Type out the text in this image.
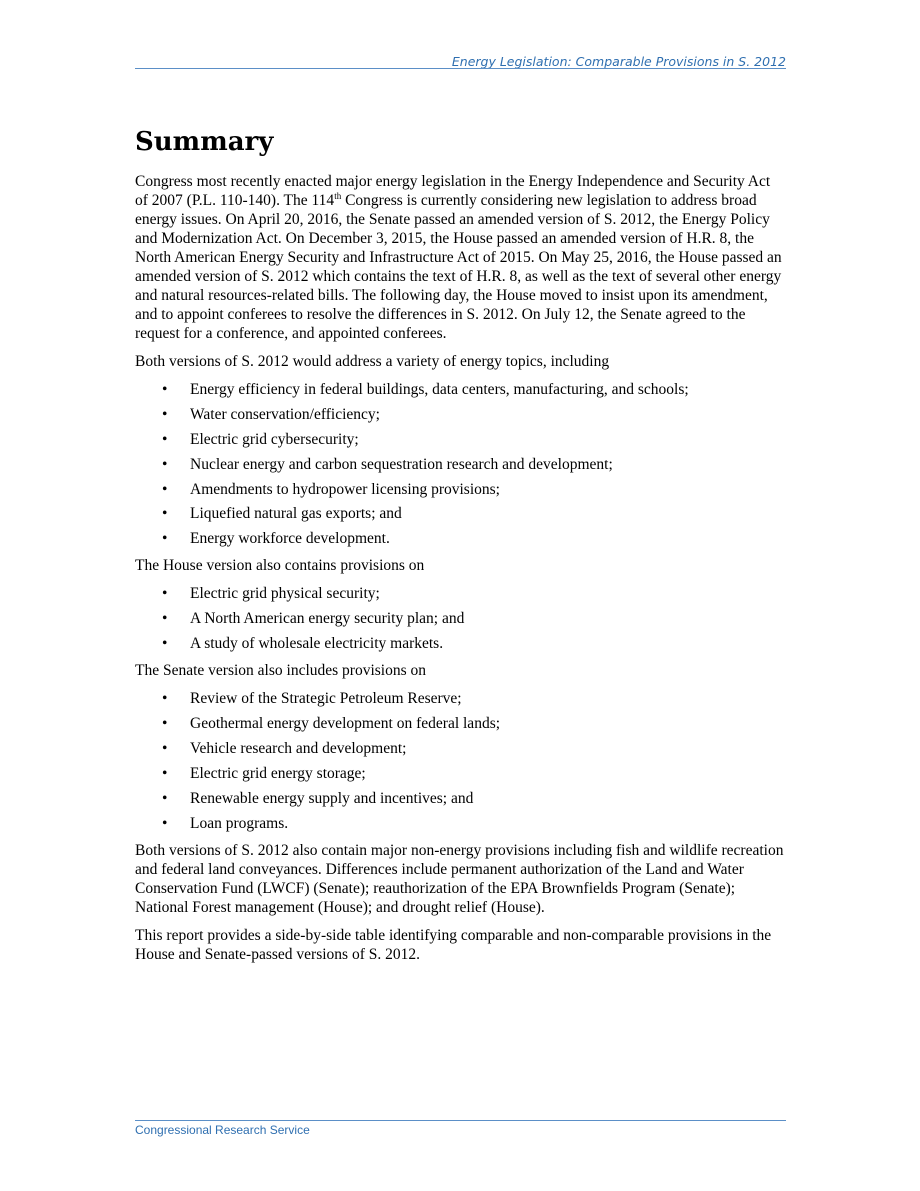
Energy Legislation: Comparable Provisions in S. 2012
Summary

Congress most recently enacted major energy legislation in the Energy Independence and Security Act of 2007 (P.L. 110-140). The 114th Congress is currently considering new legislation to address broad energy issues. On April 20, 2016, the Senate passed an amended version of S. 2012, the Energy Policy and Modernization Act. On December 3, 2015, the House passed an amended version of H.R. 8, the North American Energy Security and Infrastructure Act of 2015. On May 25, 2016, the House passed an amended version of S. 2012 which contains the text of H.R. 8, as well as the text of several other energy and natural resources-related bills. The following day, the House moved to insist upon its amendment, and to appoint conferees to resolve the differences in S. 2012. On July 12, the Senate agreed to the request for a conference, and appointed conferees.

Both versions of S. 2012 would address a variety of energy topics, including

• Energy efficiency in federal buildings, data centers, manufacturing, and schools;
• Water conservation/efficiency;
• Electric grid cybersecurity;
• Nuclear energy and carbon sequestration research and development;
• Amendments to hydropower licensing provisions;
• Liquefied natural gas exports; and
• Energy workforce development.

The House version also contains provisions on

• Electric grid physical security;
• A North American energy security plan; and
• A study of wholesale electricity markets.

The Senate version also includes provisions on

• Review of the Strategic Petroleum Reserve;
• Geothermal energy development on federal lands;
• Vehicle research and development;
• Electric grid energy storage;
• Renewable energy supply and incentives; and
• Loan programs.

Both versions of S. 2012 also contain major non-energy provisions including fish and wildlife recreation and federal land conveyances. Differences include permanent authorization of the Land and Water Conservation Fund (LWCF) (Senate); reauthorization of the EPA Brownfields Program (Senate); National Forest management (House); and drought relief (House).

This report provides a side-by-side table identifying comparable and non-comparable provisions in the House and Senate-passed versions of S. 2012.

Congressional Research Service
